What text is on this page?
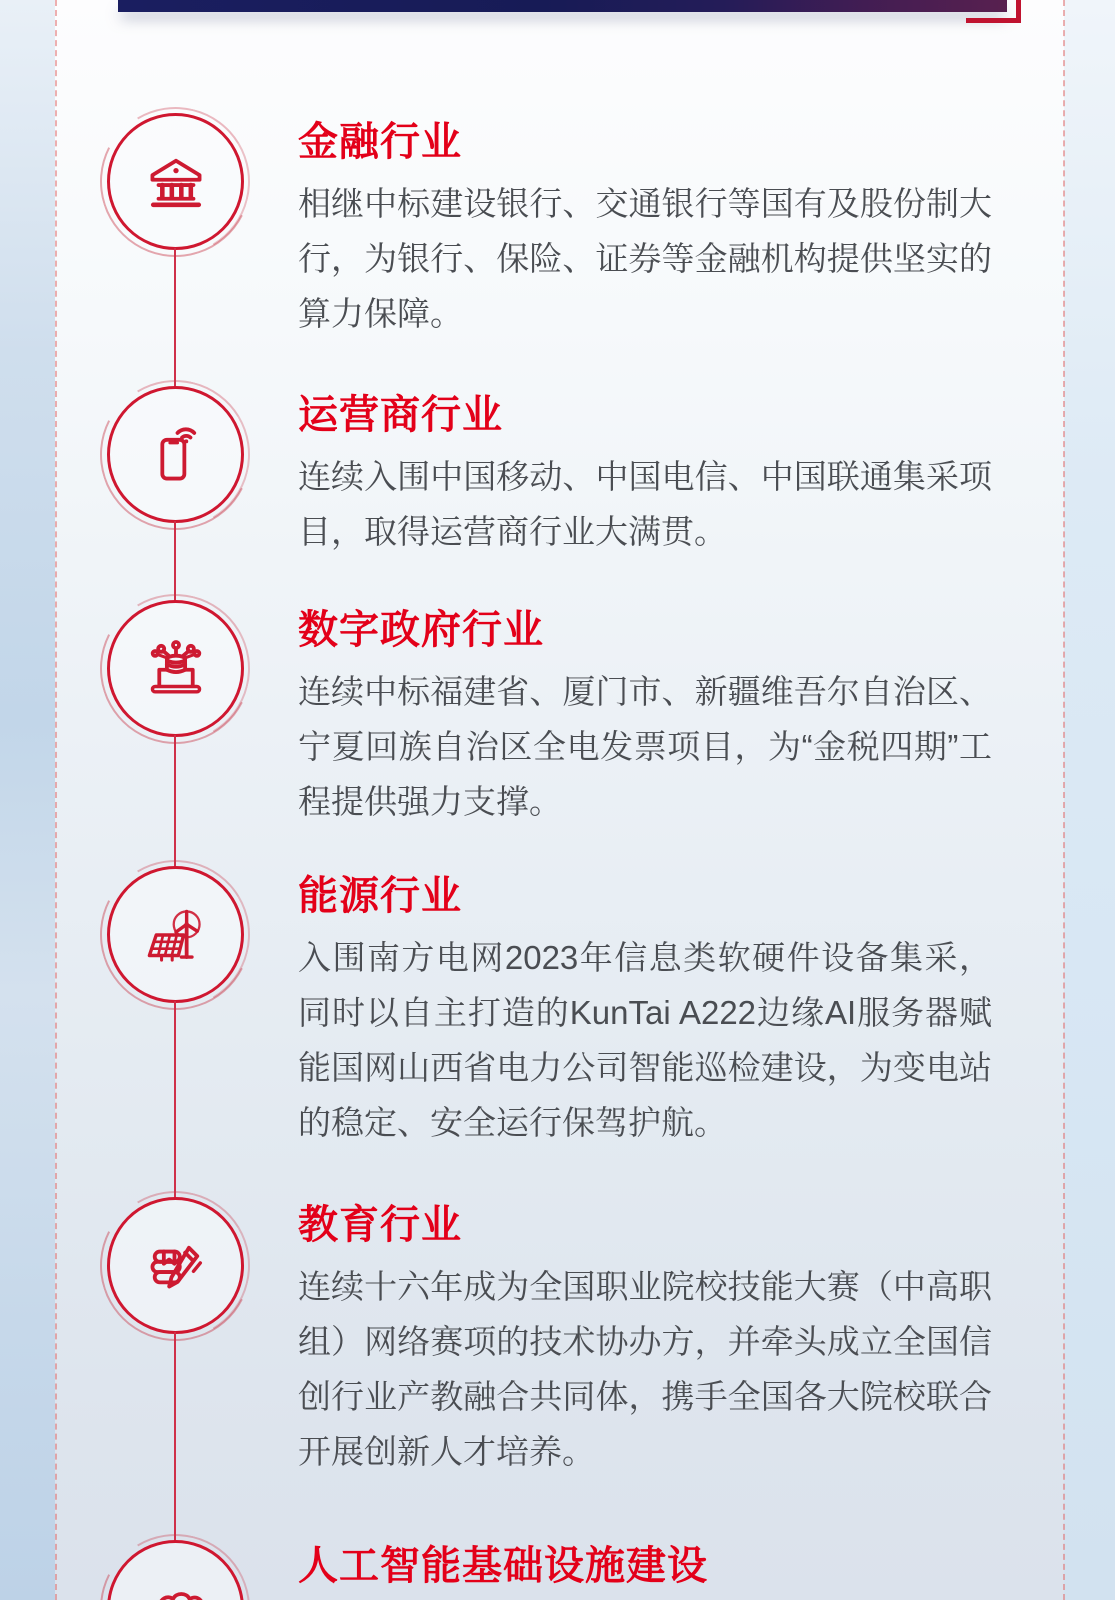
金融行业

相继中标建设银行、交通银行等国有及股份制大行，为银行、保险、证券等金融机构提供坚实的算力保障。

运营商行业

连续入围中国移动、中国电信、中国联通集采项目，取得运营商行业大满贯。

数字政府行业

连续中标福建省、厦门市、新疆维吾尔自治区、宁夏回族自治区全电发票项目，为“金税四期”工程提供强力支撑。

能源行业

入围南方电网2023年信息类软硬件设备集采，同时以自主打造的KunTai A222边缘AI服务器赋能国网山西省电力公司智能巡检建设，为变电站的稳定、安全运行保驾护航。

教育行业

连续十六年成为全国职业院校技能大赛（中高职组）网络赛项的技术协办方，并牵头成立全国信创行业产教融合共同体，携手全国各大院校联合开展创新人才培养。

人工智能基础设施建设
